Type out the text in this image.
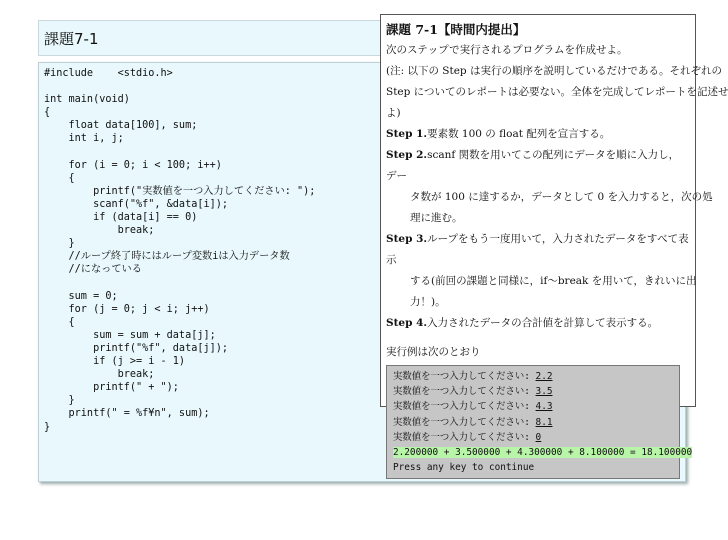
課題7-1
#include    <stdio.h>

int main(void)
{
float data[100], sum;
int i, j;

for (i = 0; i < 100; i++)
{
printf("実数値を一つ入力してください: ");
scanf("%f", &data[i]);
if (data[i] == 0)
break;
}
//ループ終了時にはループ変数iは入力データ数
//になっている

sum = 0;
for (j = 0; j < i; j++)
{
sum = sum + data[j];
printf("%f", data[j]);
if (j >= i - 1)
break;
printf(" + ");
}
printf(" = %f¥n", sum);
}
課題 7-1【時間内提出】
次のステップで実行されるプログラムを作成せよ。
(注: 以下の Step は実行の順序を説明しているだけである。それぞれの
Step についてのレポートは必要ない。全体を完成してレポートを記述せ
よ)
Step 1.要素数 100 の float 配列を宣言する。
Step 2.scanf 関数を用いてこの配列にデータを順に入力し，デー
タ数が 100 に達するか，データとして 0 を入力すると，次の処
理に進む。
Step 3.ループをもう一度用いて，入力されたデータをすべて表示
する(前回の課題と同様に，if〜break を用いて，きれいに出
力！)。
Step 4.入力されたデータの合計値を計算して表示する。
実行例は次のとおり
実数値を一つ入力してください: 2.2
実数値を一つ入力してください: 3.5
実数値を一つ入力してください: 4.3
実数値を一つ入力してください: 8.1
実数値を一つ入力してください: 0
2.200000 + 3.500000 + 4.300000 + 8.100000 = 18.100000
Press any key to continue
